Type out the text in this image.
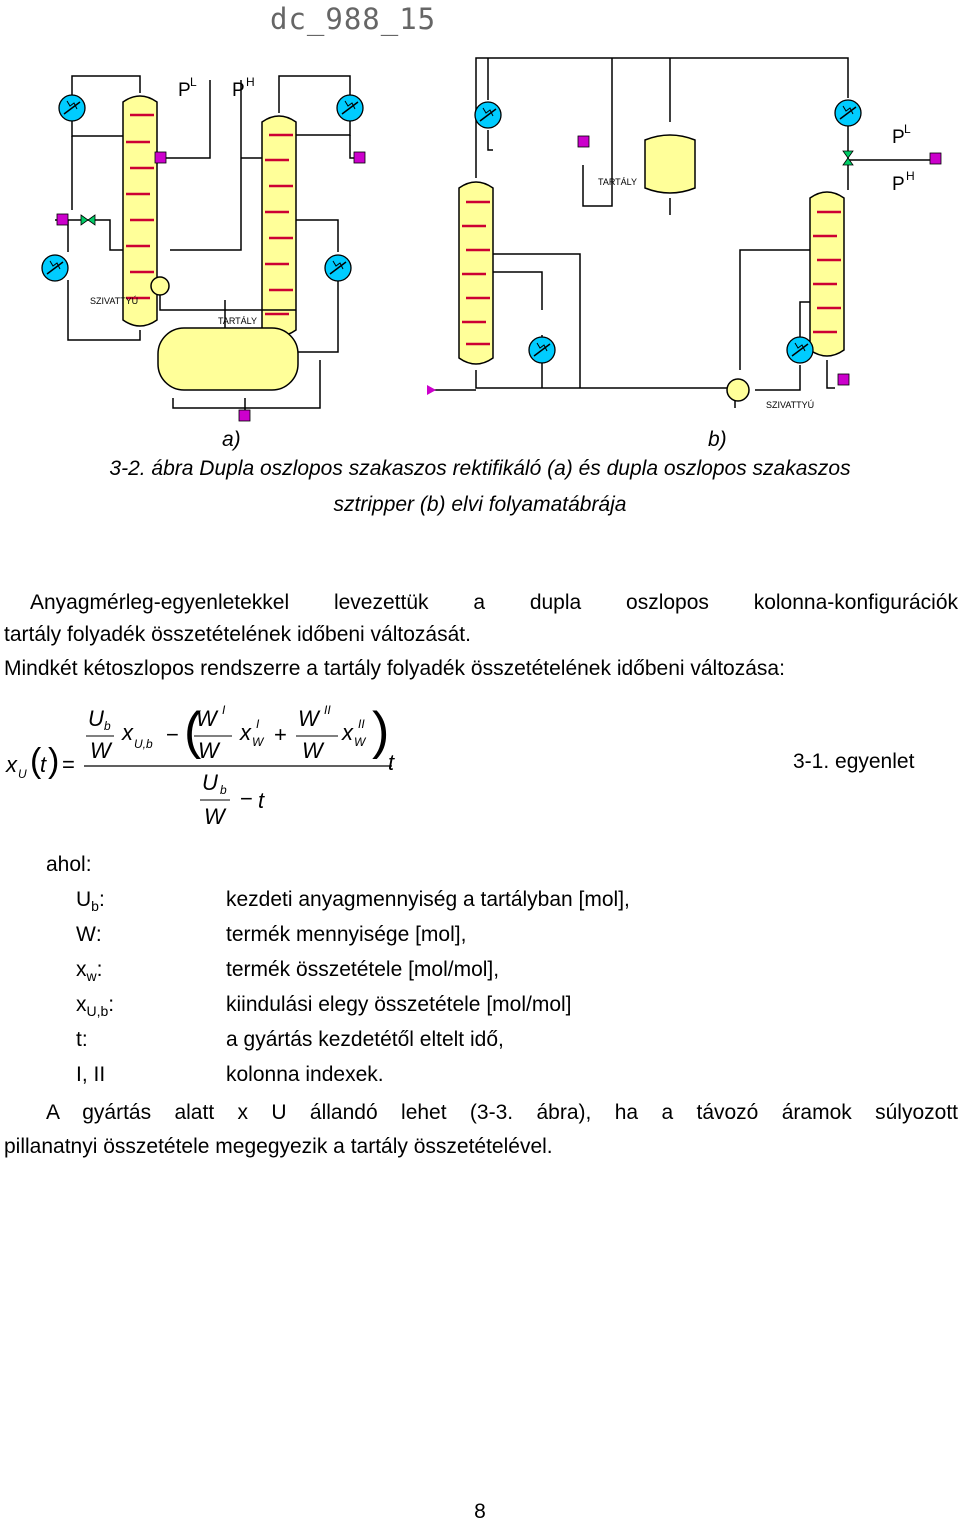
dc_988_15
P L P H
SZIVATTYÚ
TARTÁLY
TARTÁLY
SZIVATTYÚ
P L
P H
a)	b)
3-2. ábra Dupla oszlopos szakaszos rektifikáló (a) és dupla oszlopos szakaszos
sztripper (b) elvi folyamatábrája
Anyagmérleg-egyenletekkel levezettük a dupla oszlopos kolonna-konfigurációk
tartály folyadék összetételének időbeni változását.
Mindkét kétoszlopos rendszerre a tartály folyadék összetételének időbeni változása:
x U (
t ) =
U b
W
x U,b − (
W I
W
x I
W +
W II
W
x II
W )
t
U b
W
− t
3-1. egyenlet
ahol:
$U_b$:	kezdeti anyagmennyiség a tartályban [mol],
W:	termék mennyisége [mol],
$x_w$:	termék összetétele [mol/mol],
$x_{U,b}$:	kiindulási elegy összetétele [mol/mol]
t:	a gyártás kezdetétől eltelt idő,
I, II	kolonna indexek.
A gyártás alatt x U állandó lehet (3-3. ábra), ha a távozó áramok súlyozott
pillanatnyi összetétele megegyezik a tartály összetételével.
8
